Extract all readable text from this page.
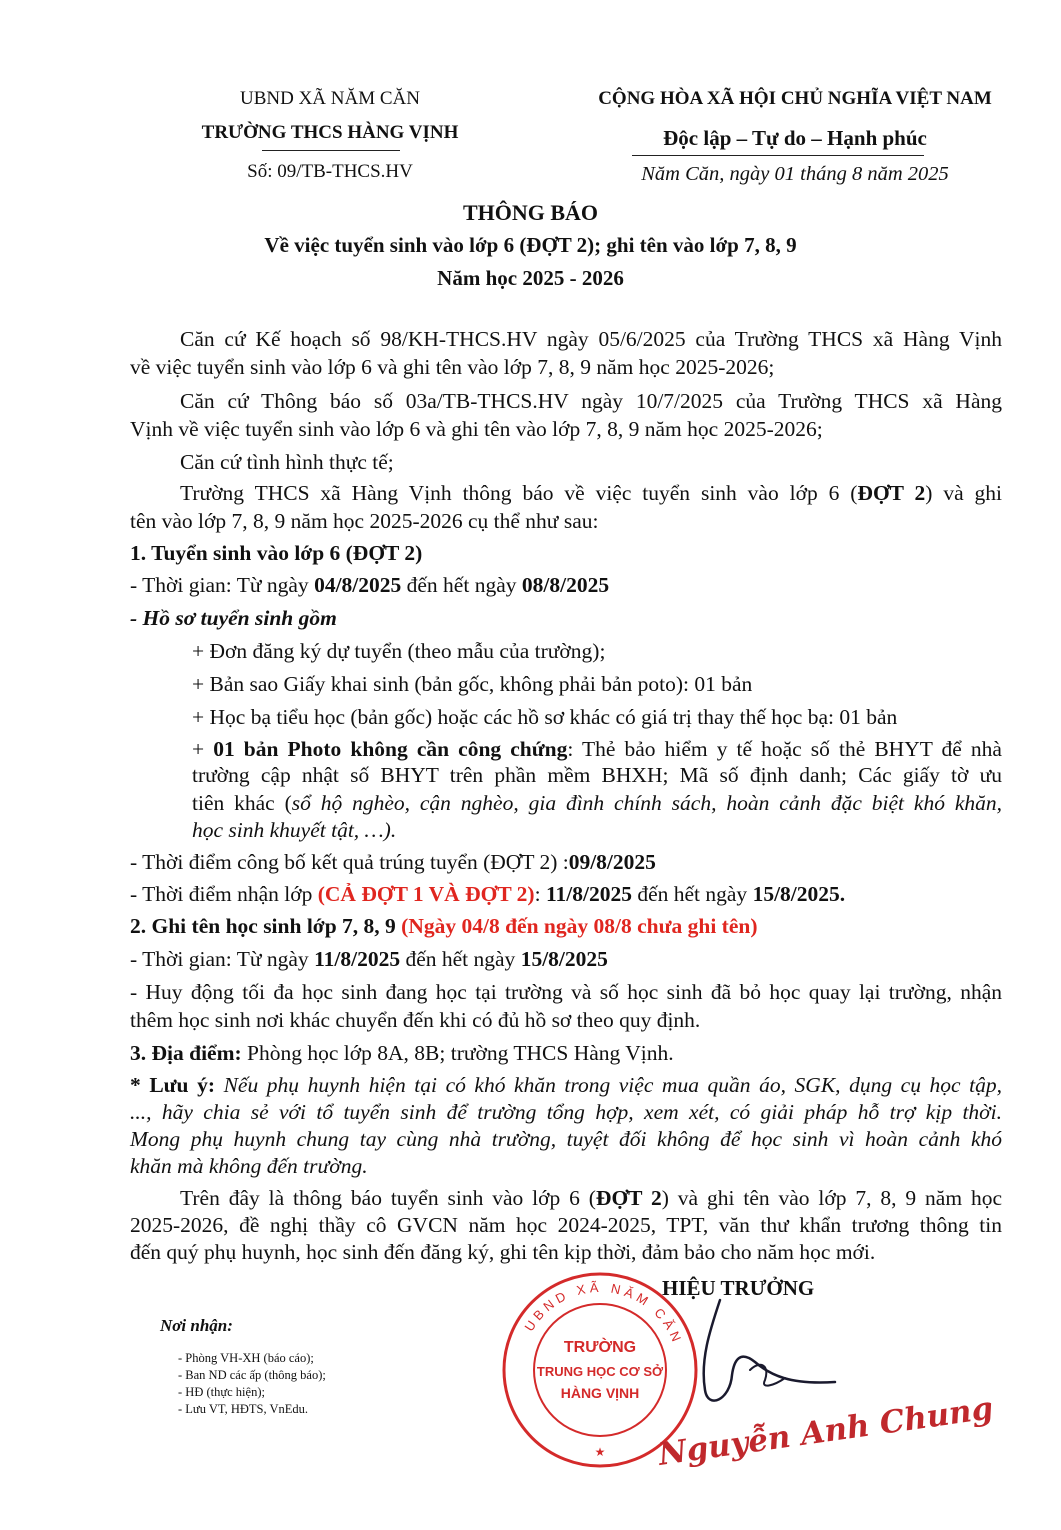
UBND XÃ NĂM CĂN
TRƯỜNG THCS HÀNG VỊNH
Số: 09/TB-THCS.HV
CỘNG HÒA XÃ HỘI CHỦ NGHĨA VIỆT NAM
Độc lập – Tự do – Hạnh phúc
Năm Căn, ngày 01 tháng 8 năm 2025
THÔNG BÁO
Về việc tuyển sinh vào lớp 6 (ĐỢT 2); ghi tên vào lớp 7, 8, 9
Năm học 2025 - 2026
Căn cứ Kế hoạch số 98/KH-THCS.HV ngày 05/6/2025 của Trường THCS xã Hàng Vịnh
về việc tuyển sinh vào lớp 6 và ghi tên vào lớp 7, 8, 9 năm học 2025-2026;
Căn cứ Thông báo số 03a/TB-THCS.HV ngày 10/7/2025 của Trường THCS xã Hàng
Vịnh về việc tuyển sinh vào lớp 6 và ghi tên vào lớp 7, 8, 9 năm học 2025-2026;
Căn cứ tình hình thực tế;
Trường THCS xã Hàng Vịnh thông báo về việc tuyển sinh vào lớp 6 (ĐỢT 2) và ghi
tên vào lớp 7, 8, 9 năm học 2025-2026 cụ thể như sau:
1. Tuyển sinh vào lớp 6 (ĐỢT 2)
- Thời gian: Từ ngày 04/8/2025 đến hết ngày 08/8/2025
- Hồ sơ tuyển sinh gồm
+ Đơn đăng ký dự tuyển (theo mẫu của trường);
+ Bản sao Giấy khai sinh (bản gốc, không phải bản poto): 01 bản
+ Học bạ tiểu học (bản gốc) hoặc các hồ sơ khác có giá trị thay thế học bạ: 01 bản
+ 01 bản Photo không cần công chứng: Thẻ bảo hiểm y tế hoặc số thẻ BHYT để nhà
trường cập nhật số BHYT trên phần mềm BHXH; Mã số định danh; Các giấy tờ ưu
tiên khác (sổ hộ nghèo, cận nghèo, gia đình chính sách, hoàn cảnh đặc biệt khó khăn,
học sinh khuyết tật, …).
- Thời điểm công bố kết quả trúng tuyển (ĐỢT 2) :09/8/2025
- Thời điểm nhận lớp (CẢ ĐỢT 1 VÀ ĐỢT 2): 11/8/2025 đến hết ngày 15/8/2025.
2. Ghi tên học sinh lớp 7, 8, 9 (Ngày 04/8 đến ngày 08/8 chưa ghi tên)
- Thời gian: Từ ngày 11/8/2025 đến hết ngày 15/8/2025
- Huy động tối đa học sinh đang học tại trường và số học sinh đã bỏ học quay lại trường, nhận
thêm học sinh nơi khác chuyển đến khi có đủ hồ sơ theo quy định.
3. Địa điểm: Phòng học lớp 8A, 8B; trường THCS Hàng Vịnh.
* Lưu ý: Nếu phụ huynh hiện tại có khó khăn trong việc mua quần áo, SGK, dụng cụ học tập,
..., hãy chia sẻ với tổ tuyển sinh để trường tổng hợp, xem xét, có giải pháp hỗ trợ kịp thời.
Mong phụ huynh chung tay cùng nhà trường, tuyệt đối không để học sinh vì hoàn cảnh khó
khăn mà không đến trường.
Trên đây là thông báo tuyển sinh vào lớp 6 (ĐỢT 2) và ghi tên vào lớp 7, 8, 9 năm học
2025-2026, đề nghị thầy cô GVCN năm học 2024-2025, TPT, văn thư khẩn trương thông tin
đến quý phụ huynh, học sinh đến đăng ký, ghi tên kịp thời, đảm bảo cho năm học mới.
Nơi nhận:
- Phòng VH-XH (báo cáo);
- Ban ND các ấp (thông báo);
- HĐ (thực hiện);
- Lưu VT, HĐTS, VnEdu.
HIỆU TRƯỞNG
UBND XÃ NĂM CĂN
TRƯỜNG
TRUNG HỌC CƠ SỞ
HÀNG VỊNH
★ Nguyễn Anh Chung
